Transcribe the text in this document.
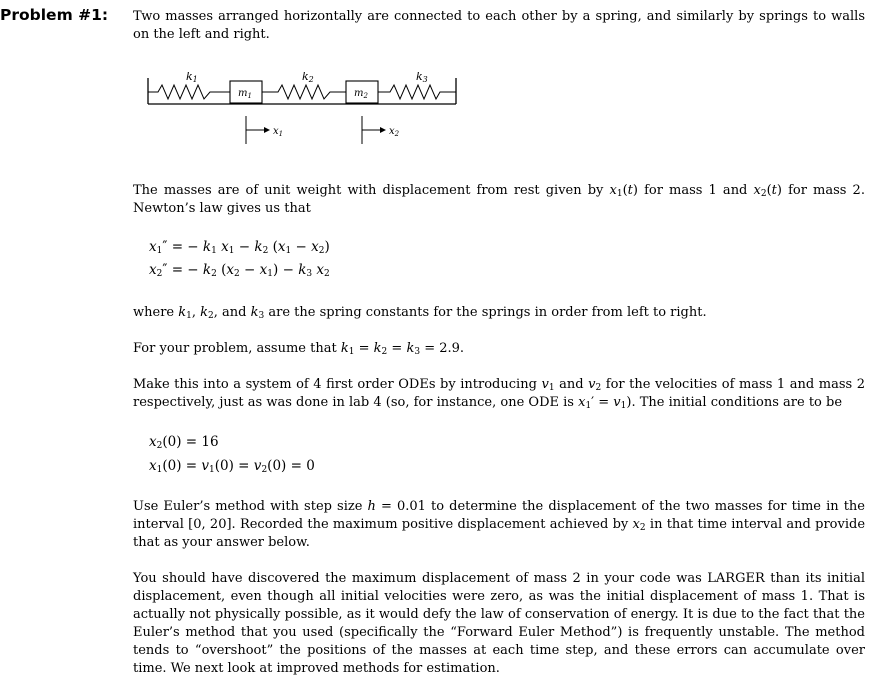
Problem #1: Two masses arranged horizontally are connected to each other by a spring, and similarly by springs to walls on the left and right.
k1	k2	k3
$m_1$	$m_2$
$x_1$	$x_2$
The masses are of unit weight with displacement from rest given by $x_1(t)$ for mass 1 and $x_2(t)$ for mass 2. Newton’s law gives us that
$x_1''$ = − $k_1$ $x_1 - k_2$ $(x_1 - x_2)$
$x_2''$ = − $k_2$ $(x_2 - x_1) - k_3$ $x_2$
where $k_1$, $k_2$, and $k_3$ are the spring constants for the springs in order from left to right.
For your problem, assume that $k_1 = k_2 = k_3 = 2.9$.
Make this into a system of 4 first order ODEs by introducing $v_1$ and $v_2$ for the velocities of mass 1 and mass 2 respectively, just as was done in lab 4 (so, for instance, one ODE is $x_1' = v_1$). The initial conditions are to be
$x_2(0) = 16$
$x_1(0) = v_1(0) = v_2(0) = 0$
Use Euler’s method with step size h = 0.01 to determine the displacement of the two masses for time in the interval [0, 20]. Recorded the maximum positive displacement achieved by $x_2$ in that time interval and provide that as your answer below.
You should have discovered the maximum displacement of mass 2 in your code was LARGER than its initial displacement, even though all initial velocities were zero, as was the initial displacement of mass 1. That is actually not physically possible, as it would defy the law of conservation of energy. It is due to the fact that the Euler’s method that you used (specifically the “Forward Euler Method”) is frequently unstable. The method tends to “overshoot” the positions of the masses at each time step, and these errors can accumulate over time. We next look at improved methods for estimation.
